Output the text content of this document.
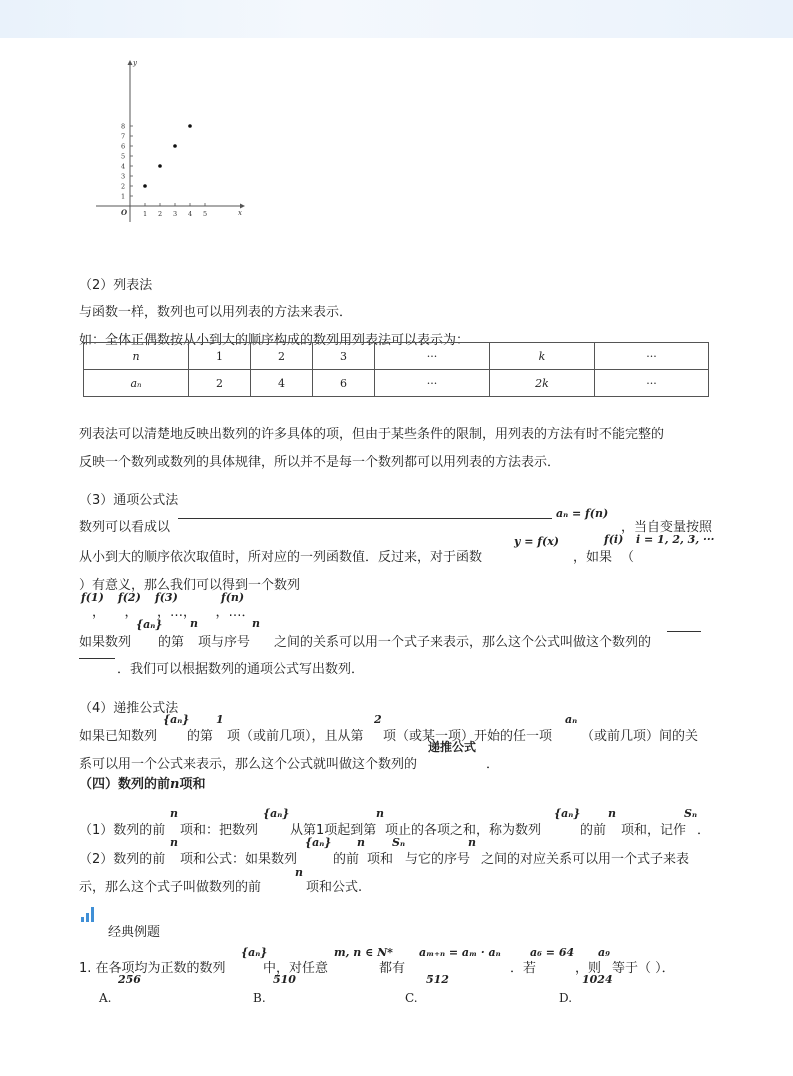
x
y
O 1 2 3 4 5
1
2
3
4
5
6
7
8
（2）列表法
与函数一样，数列也可以用列表的方法来表示．
如：全体正偶数按从小到大的顺序构成的数列用列表法可以表示为：
n	1	2	3	···	k	···
aₙ	2	4	6	···	2k	···
列表法可以清楚地反映出数列的许多具体的项，但由于某些条件的限制，用列表的方法有时不能完整的
反映一个数列或数列的具体规律，所以并不是每一个数列都可以用列表的方法表示．
（3）通项公式法
数列可以看成以
aₙ = f(n)
f(i) i = 1, 2, 3, ···
，当自变量按照
y = f(x)
从小到大的顺序依次取值时，所对应的一列函数值．反过来，对于函数	，如果 （
）有意义，那么我们可以得到一个数列
f(1) f(2) f(3)	f(n)
，　　，　　，…，　　，…．
{aₙ}	n	n
如果数列 的第 项与序号 之间的关系可以用一个式子来表示，那么这个公式叫做这个数列的
．我们可以根据数列的通项公式写出数列．
（4）递推公式法
{aₙ} 1	2	aₙ
如果已知数列 的第 项（或前几项），且从第 项（或某一项）开始的任一项 （或前几项）间的关
递推公式
系可以用一个公式来表示，那么这个公式就叫做这个数列的	．
（四）数列的前n项和
n	{aₙ}	n	{aₙ}	n	Sₙ
（1）数列的前 项和：把数列 从第1项起到第 项止的各项之和，称为数列	的前 项和，记作 ．
n	{aₙ} n Sₙ	n
（2）数列的前 项和公式：如果数列	的前 项和 与它的序号 之间的对应关系可以用一个式子来表
n
示，那么这个式子叫做数列的前	项和公式.
经典例题
{aₙ}	m, n ∈ N* aₘ₊ₙ = aₘ · aₙ	a₆ = 64 a₉
1. 在各项均为正数的数列	中，对任意	都有	．若	，则 等于（ ）．
256	510	512	1024
A.	B.	C.	D.
